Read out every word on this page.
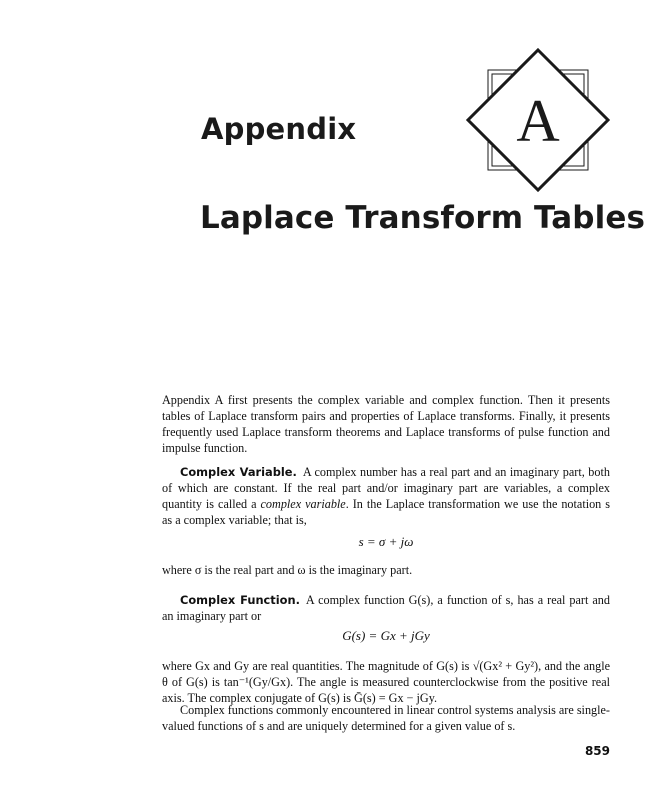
Appendix	A
Laplace Transform Tables

Appendix A first presents the complex variable and complex function. Then it presents tables of Laplace transform pairs and properties of Laplace transforms. Finally, it presents frequently used Laplace transform theorems and Laplace transforms of pulse function and impulse function.

Complex Variable. A complex number has a real part and an imaginary part, both of which are constant. If the real part and/or imaginary part are variables, a complex quantity is called a complex variable. In the Laplace transformation we use the notation s as a complex variable; that is,

s = σ + jω

where σ is the real part and ω is the imaginary part.

Complex Function. A complex function G(s), a function of s, has a real part and an imaginary part or

G(s) = Gx + jGy

where Gx and Gy are real quantities. The magnitude of G(s) is √(Gx² + Gy²), and the angle θ of G(s) is tan⁻¹(Gy/Gx). The angle is measured counterclockwise from the positive real axis. The complex conjugate of G(s) is Ḡ(s) = Gx − jGy.

Complex functions commonly encountered in linear control systems analysis are single-valued functions of s and are uniquely determined for a given value of s.

859
